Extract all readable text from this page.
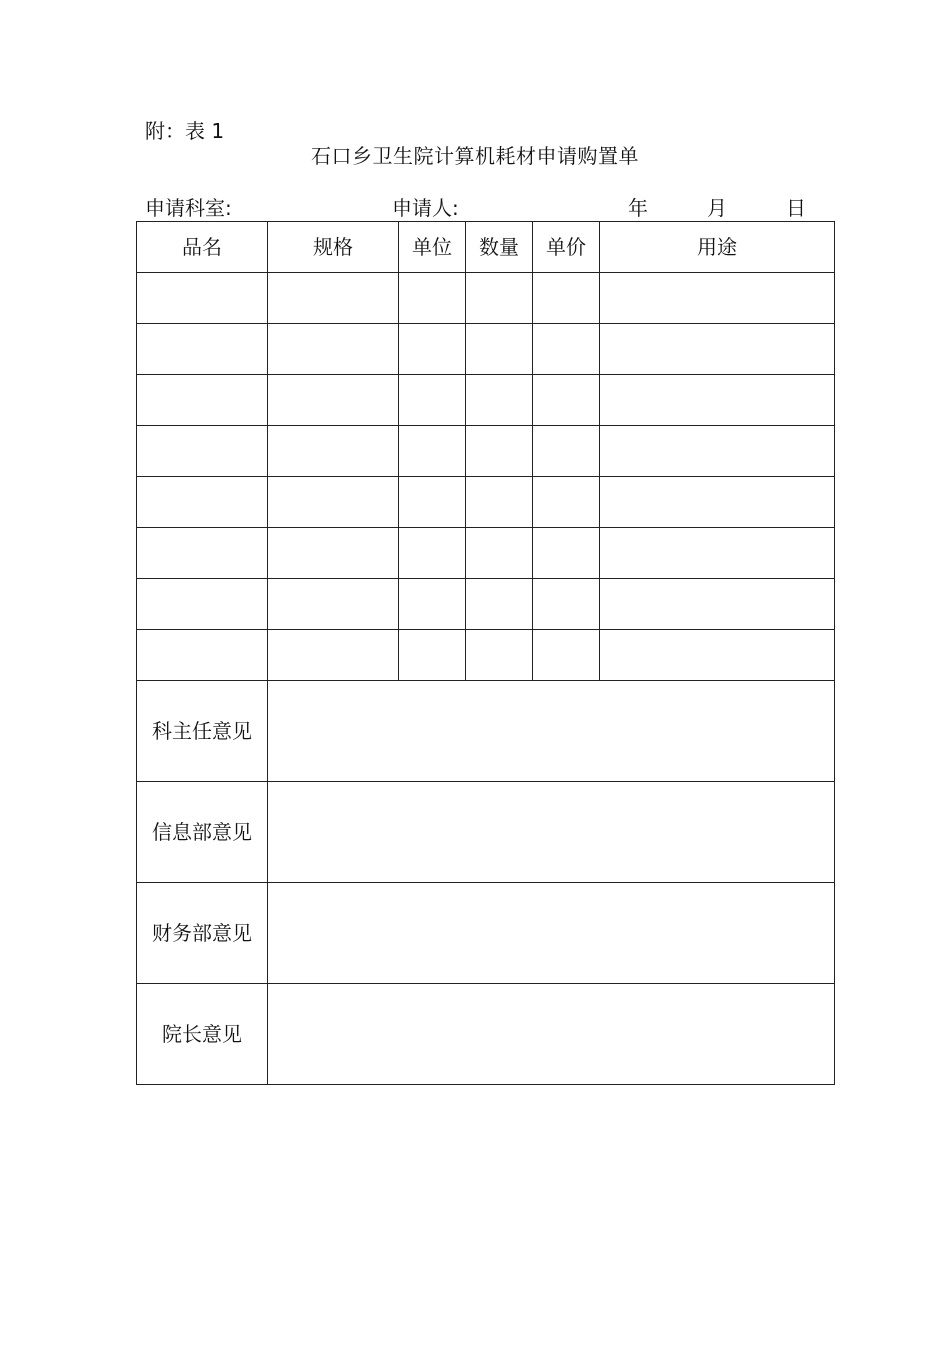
附：表 1
石口乡卫生院计算机耗材申请购置单
申请科室:	申请人:	年	月	日
品名	规格	单位	数量	单价	用途

科主任意见					
信息部意见					
财务部意见					
院长意见					
